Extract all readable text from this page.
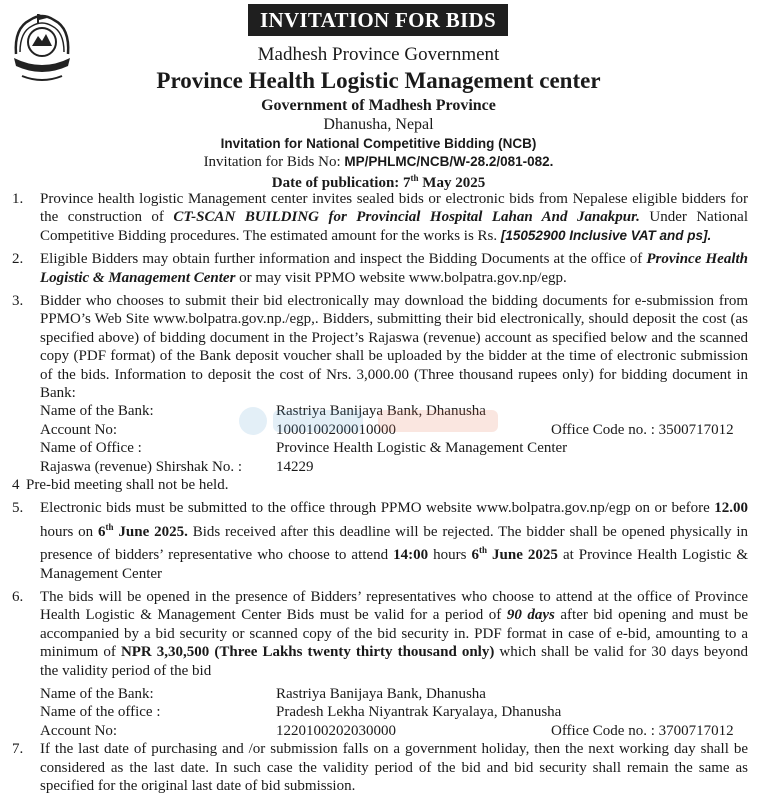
INVITATION FOR BIDS
Madhesh Province Government
Province Health Logistic Management center
Government of Madhesh Province
Dhanusha, Nepal
Invitation for National Competitive Bidding (NCB)
Invitation for Bids No: MP/PHLMC/NCB/W-28.2/081-082.
Date of publication: 7th May 2025
1.	Province health logistic Management center invites sealed bids or electronic bids from Nepalese eligible bidders for the construction of CT-SCAN BUILDING for Provincial Hospital Lahan And Janakpur. Under National Competitive Bidding procedures. The estimated amount for the works is Rs. [15052900 Inclusive VAT and ps].
2.	Eligible Bidders may obtain further information and inspect the Bidding Documents at the office of Province Health Logistic & Management Center or may visit PPMO website www.bolpatra.gov.np/egp.
3.	Bidder who chooses to submit their bid electronically may download the bidding documents for e-submission from PPMO’s Web Site www.bolpatra.gov.np./egp,. Bidders, submitting their bid electronically, should deposit the cost (as specified above) of bidding document in the Project’s Rajaswa (revenue) account as specified below and the scanned copy (PDF format) of the Bank deposit voucher shall be uploaded by the bidder at the time of electronic submission of the bids. Information to deposit the cost of Nrs. 3,000.00 (Three thousand rupees only) for bidding document in Bank:
Name of the Bank:	Rastriya Banijaya Bank, Dhanusha
Account No:	1000100200010000	Office Code no. : 3500717012
Name of Office :	Province Health Logistic & Management Center
Rajaswa (revenue) Shirshak No. :	14229
4 Pre-bid meeting shall not be held.
5.	Electronic bids must be submitted to the office through PPMO website www.bolpatra.gov.np/egp on or before 12.00 hours on 6th June 2025. Bids received after this deadline will be rejected. The bidder shall be opened physically in presence of bidders’ representative who choose to attend 14:00 hours 6th June 2025 at Province Health Logistic & Management Center
6.	The bids will be opened in the presence of Bidders’ representatives who choose to attend at the office of Province Health Logistic & Management Center Bids must be valid for a period of 90 days after bid opening and must be accompanied by a bid security or scanned copy of the bid security in. PDF format in case of e-bid, amounting to a minimum of NPR 3,30,500 (Three Lakhs twenty thirty thousand only) which shall be valid for 30 days beyond the validity period of the bid
Name of the Bank:	Rastriya Banijaya Bank, Dhanusha
Name of the office :	Pradesh Lekha Niyantrak Karyalaya, Dhanusha
Account No:	1220100202030000	Office Code no. : 3700717012
7.	If the last date of purchasing and /or submission falls on a government holiday, then the next working day shall be considered as the last date. In such case the validity period of the bid and bid security shall remain the same as specified for the original last date of bid submission.
